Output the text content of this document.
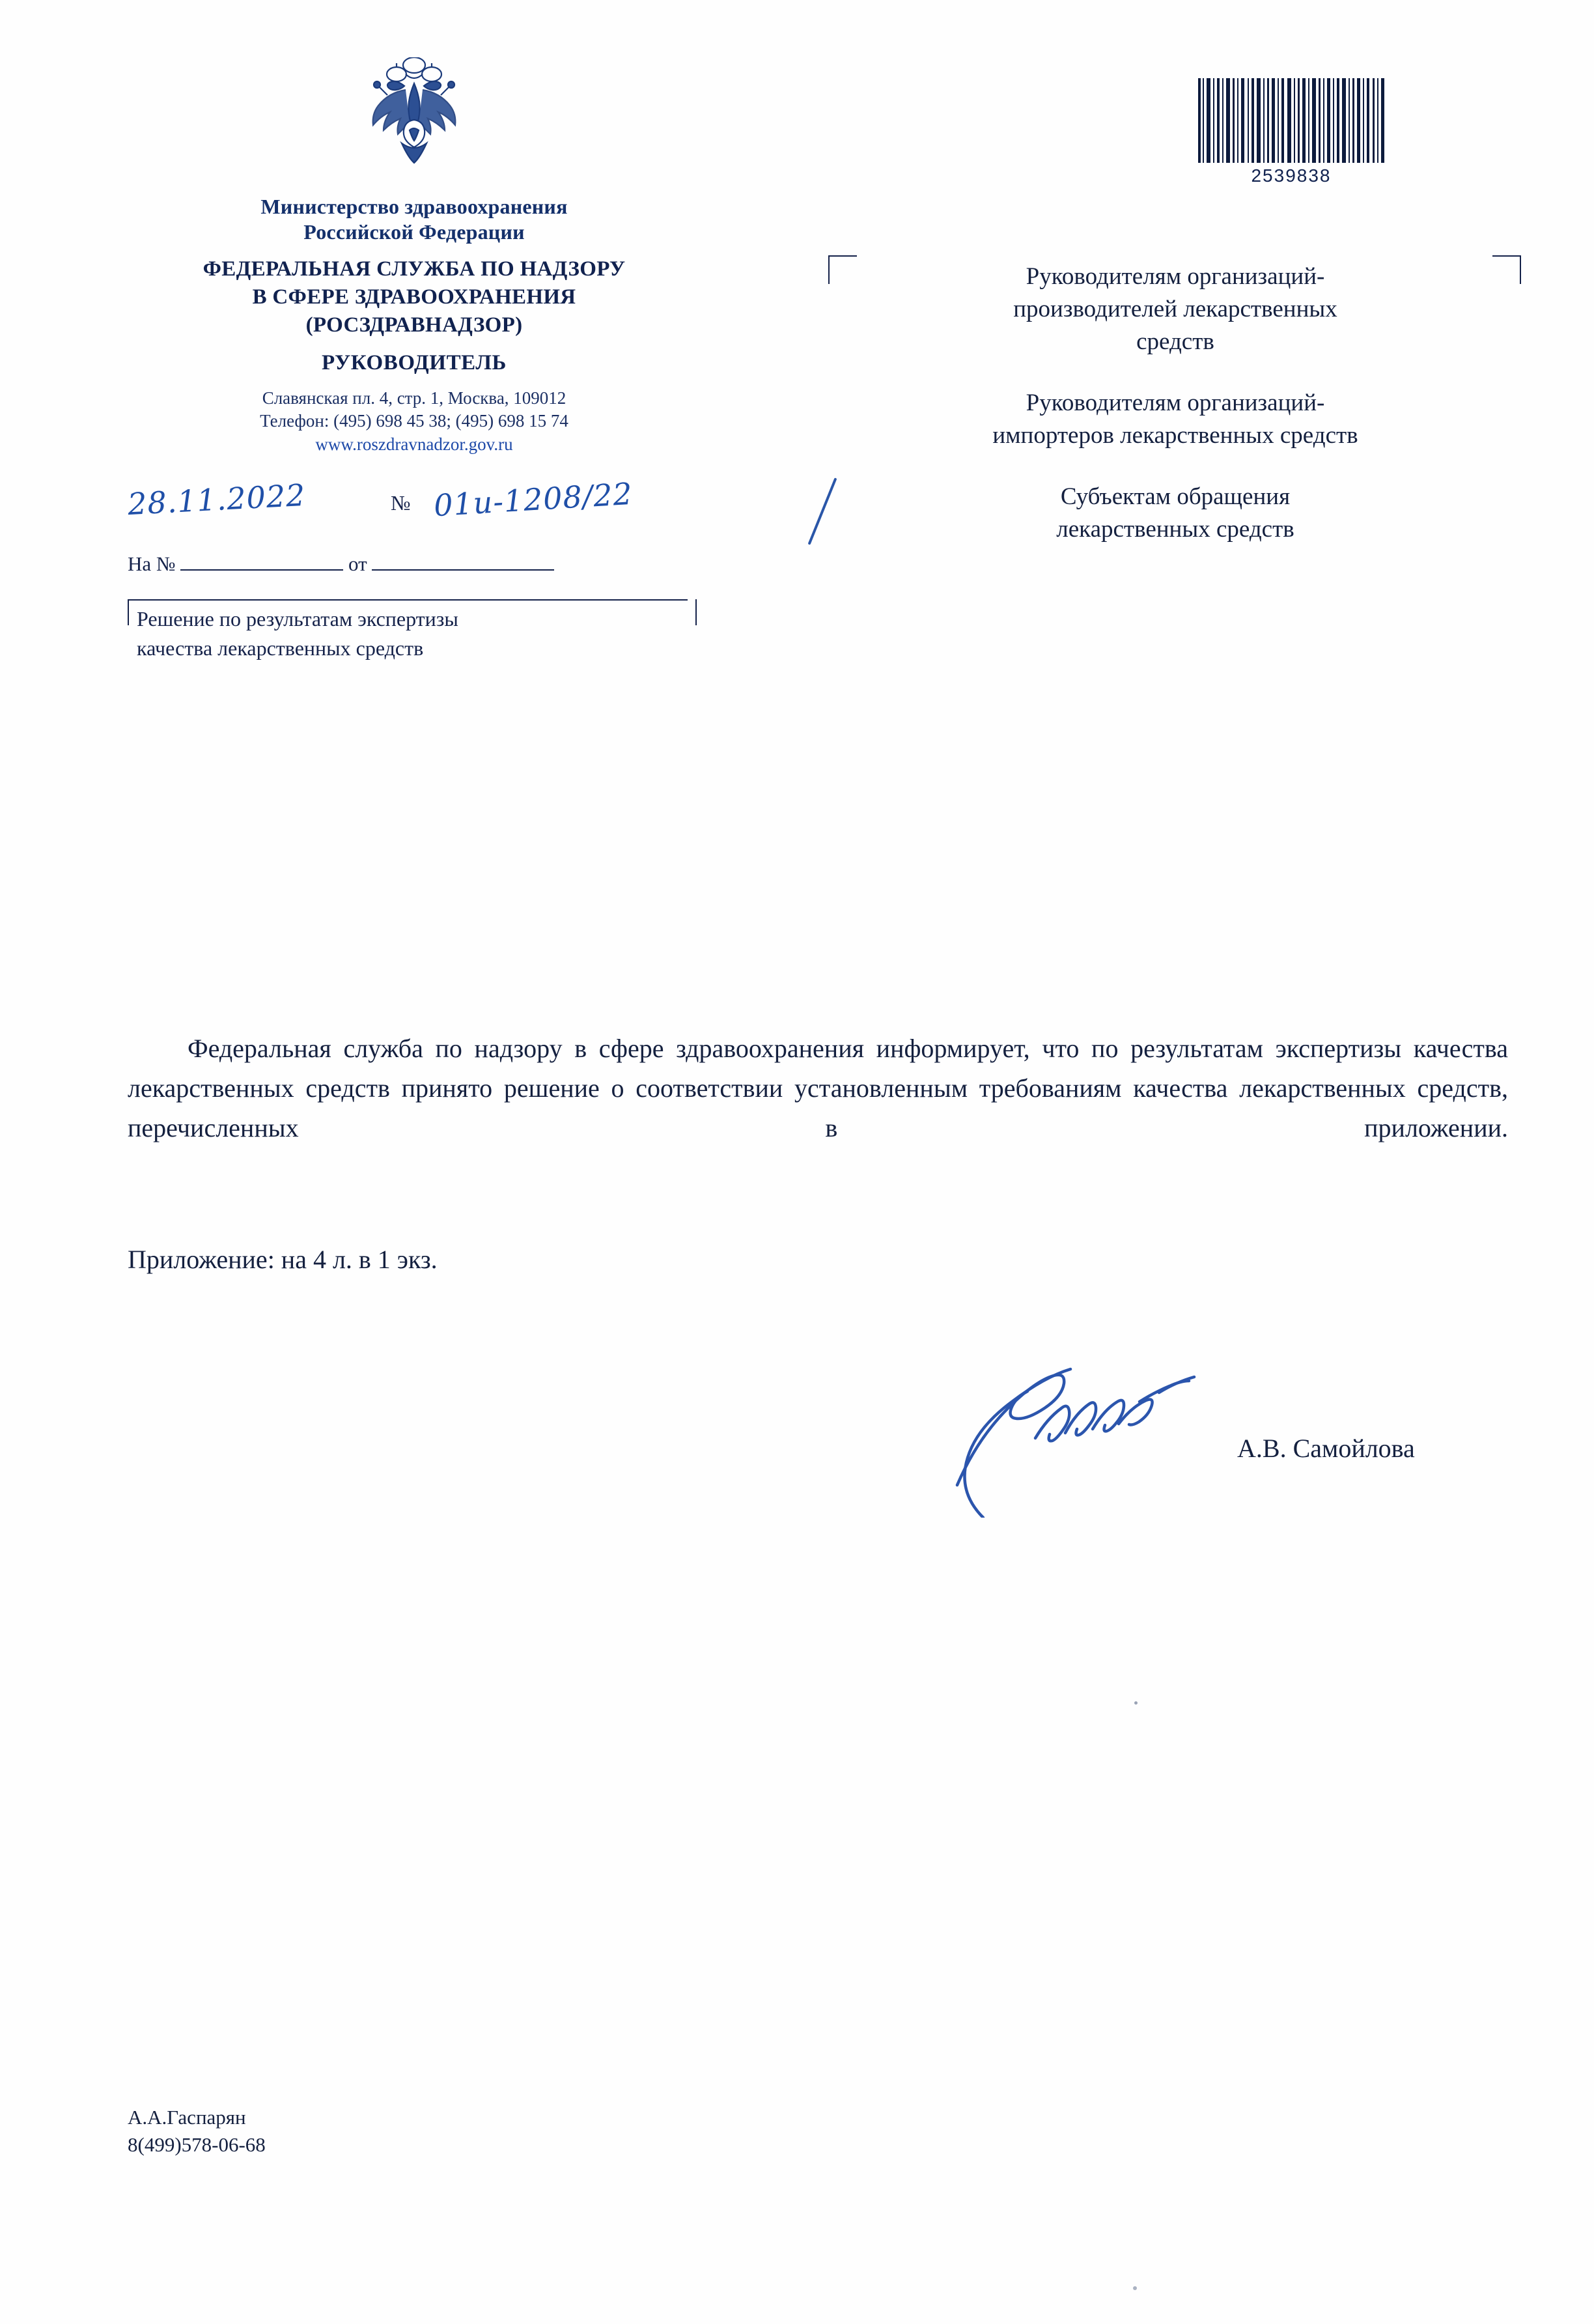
Министерство здравоохранения
Российской Федерации
ФЕДЕРАЛЬНАЯ СЛУЖБА ПО НАДЗОРУ
В СФЕРЕ ЗДРАВООХРАНЕНИЯ
(РОСЗДРАВНАДЗОР)
РУКОВОДИТЕЛЬ
Славянская пл. 4, стр. 1, Москва, 109012
Телефон: (495) 698 45 38; (495) 698 15 74
www.roszdravnadzor.gov.ru
28.11.2022	№ 01и-1208/22
На №	от
Решение по результатам экспертизы
качества лекарственных средств
2539838
Руководителям организаций-
производителей лекарственных
средств
Руководителям организаций-
импортеров лекарственных средств
Субъектам обращения
лекарственных средств
Федеральная служба по надзору в сфере здравоохранения информирует, что по результатам экспертизы качества лекарственных средств принято решение о соответствии установленным требованиям качества лекарственных средств, перечисленных в приложении.
Приложение: на 4 л. в 1 экз.
А.В. Самойлова
А.А.Гаспарян
8(499)578-06-68
